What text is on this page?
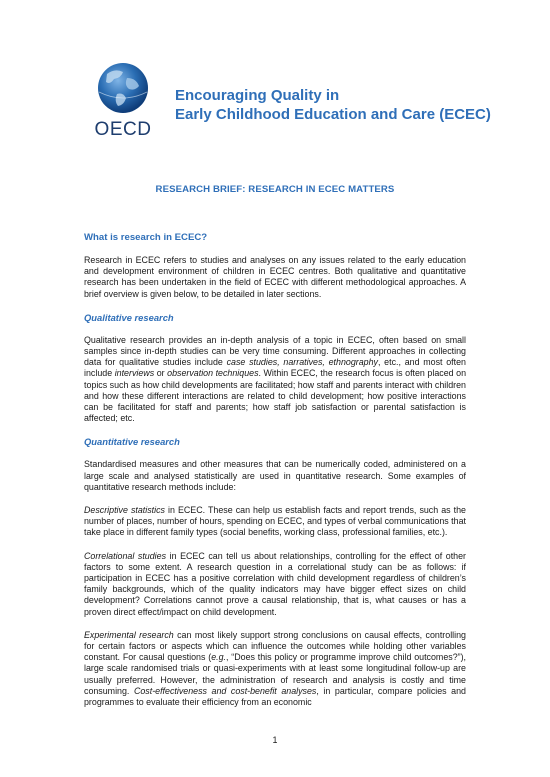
OECD
Encouraging Quality in
Early Childhood Education and Care (ECEC)
RESEARCH BRIEF: RESEARCH IN ECEC MATTERS
What is research in ECEC?

Research in ECEC refers to studies and analyses on any issues related to the early education and development environment of children in ECEC centres. Both qualitative and quantitative research has been undertaken in the field of ECEC with different methodological approaches. A brief overview is given below, to be detailed in later sections.

Qualitative research

Qualitative research provides an in-depth analysis of a topic in ECEC, often based on small samples since in-depth studies can be very time consuming. Different approaches in collecting data for qualitative studies include case studies, narratives, ethnography, etc., and most often include interviews or observation techniques. Within ECEC, the research focus is often placed on topics such as how child developments are facilitated; how staff and parents interact with children and how these different interactions are related to child development; how positive interactions can be facilitated for staff and parents; how staff job satisfaction or parental satisfaction is affected; etc.

Quantitative research

Standardised measures and other measures that can be numerically coded, administered on a large scale and analysed statistically are used in quantitative research. Some examples of quantitative research methods include:

Descriptive statistics in ECEC. These can help us establish facts and report trends, such as the number of places, number of hours, spending on ECEC, and types of verbal communications that take place in different family types (social benefits, working class, professional families, etc.).

Correlational studies in ECEC can tell us about relationships, controlling for the effect of other factors to some extent. A research question in a correlational study can be as follows: if participation in ECEC has a positive correlation with child development regardless of children’s family backgrounds, which of the quality indicators may have bigger effect sizes on child development? Correlations cannot prove a causal relationship, that is, what causes or has a proven direct effect/impact on child development.

Experimental research can most likely support strong conclusions on causal effects, controlling for certain factors or aspects which can influence the outcomes while holding other variables constant. For causal questions (e.g., “Does this policy or programme improve child outcomes?”), large scale randomised trials or quasi-experiments with at least some longitudinal follow-up are usually preferred. However, the administration of research and analysis is costly and time consuming. Cost-effectiveness and cost-benefit analyses, in particular, compare policies and programmes to evaluate their efficiency from an economic

1
